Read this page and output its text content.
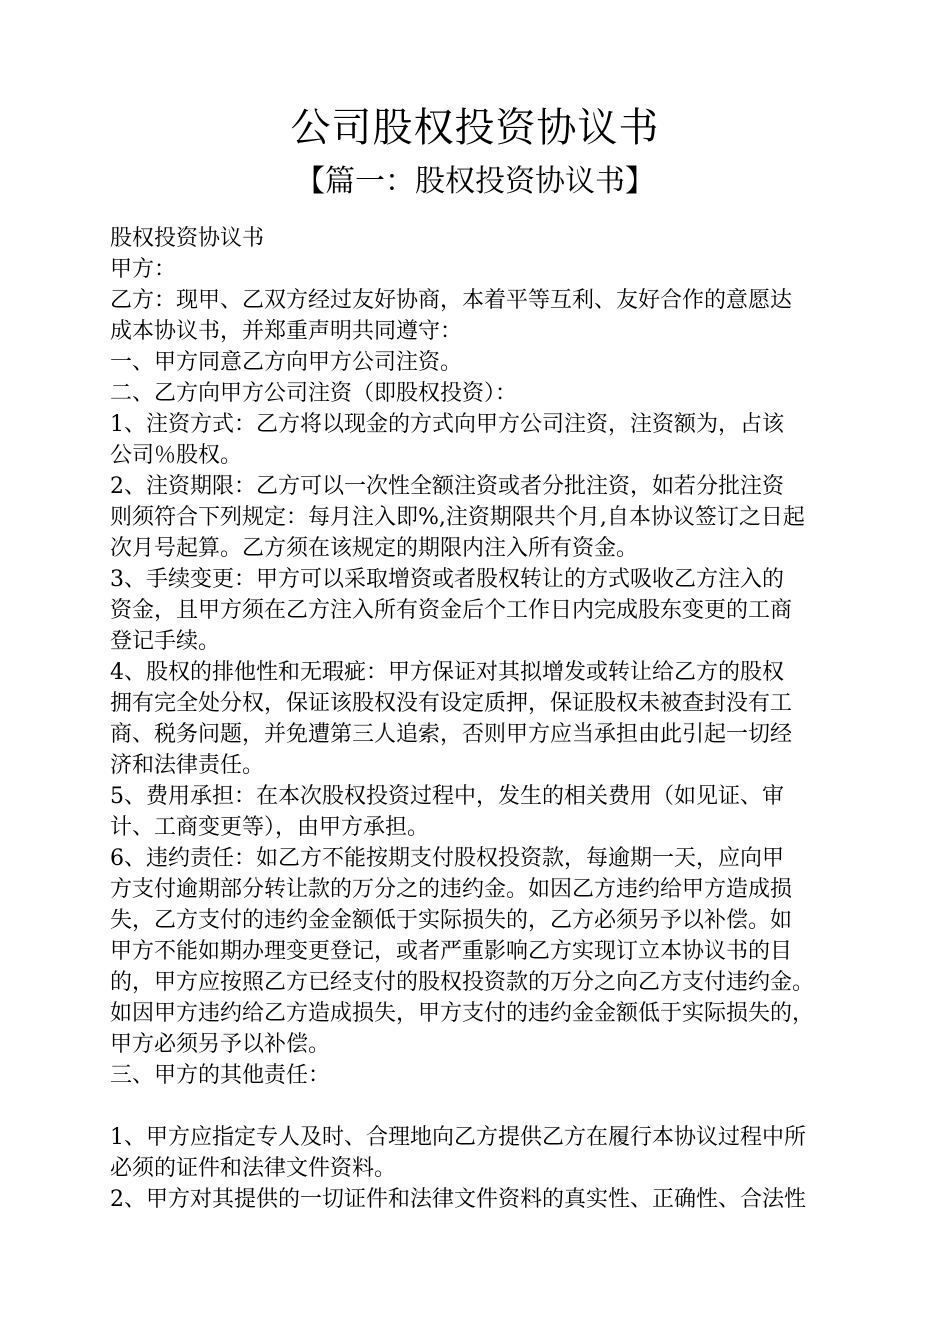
公司股权投资协议书
【篇一：股权投资协议书】
股权投资协议书
甲方：
乙方：现甲、乙双方经过友好协商，本着平等互利、友好合作的意愿达
成本协议书，并郑重声明共同遵守：
一、甲方同意乙方向甲方公司注资。
二、乙方向甲方公司注资（即股权投资）：
1、注资方式：乙方将以现金的方式向甲方公司注资，注资额为，占该
公司％股权。
2、注资期限：乙方可以一次性全额注资或者分批注资，如若分批注资
则须符合下列规定：每月注入即%,注资期限共个月,自本协议签订之日起
次月号起算。乙方须在该规定的期限内注入所有资金。
3、手续变更：甲方可以采取增资或者股权转让的方式吸收乙方注入的
资金，且甲方须在乙方注入所有资金后个工作日内完成股东变更的工商
登记手续。
4、股权的排他性和无瑕疵：甲方保证对其拟增发或转让给乙方的股权
拥有完全处分权，保证该股权没有设定质押，保证股权未被查封没有工
商、税务问题，并免遭第三人追索，否则甲方应当承担由此引起一切经
济和法律责任。
5、费用承担：在本次股权投资过程中，发生的相关费用（如见证、审
计、工商变更等），由甲方承担。
6、违约责任：如乙方不能按期支付股权投资款，每逾期一天，应向甲
方支付逾期部分转让款的万分之的违约金。如因乙方违约给甲方造成损
失，乙方支付的违约金金额低于实际损失的，乙方必须另予以补偿。如
甲方不能如期办理变更登记，或者严重影响乙方实现订立本协议书的目
的，甲方应按照乙方已经支付的股权投资款的万分之向乙方支付违约金。
如因甲方违约给乙方造成损失，甲方支付的违约金金额低于实际损失的，
甲方必须另予以补偿。
三、甲方的其他责任：
1、甲方应指定专人及时、合理地向乙方提供乙方在履行本协议过程中所
必须的证件和法律文件资料。
2、甲方对其提供的一切证件和法律文件资料的真实性、正确性、合法性
